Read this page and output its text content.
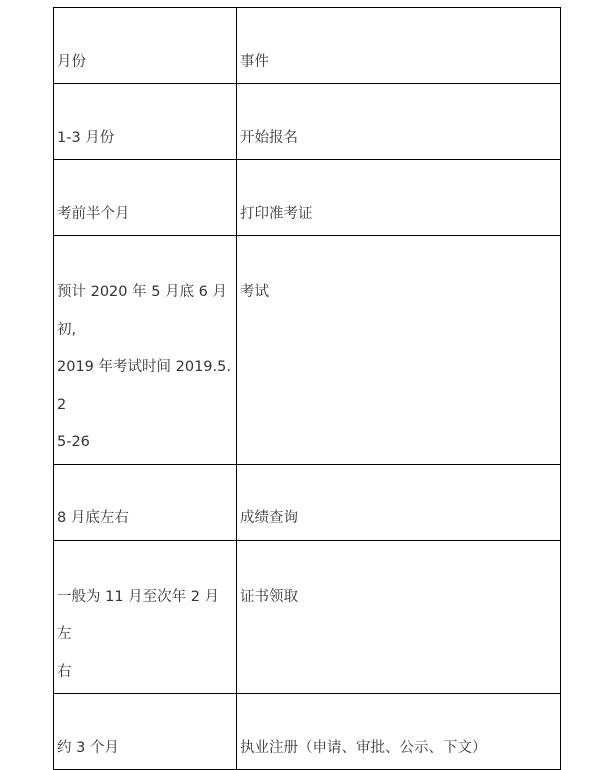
月份	事件

1-3 月份	开始报名

考前半个月	打印准考证

预计 2020 年 5 月底 6 月初,
2019 年考试时间 2019.5.2
5-26	考试

8 月底左右	成绩查询

一般为 11 月至次年 2 月左
右	证书领取

约 3 个月	执业注册（申请、审批、公示、下文）
